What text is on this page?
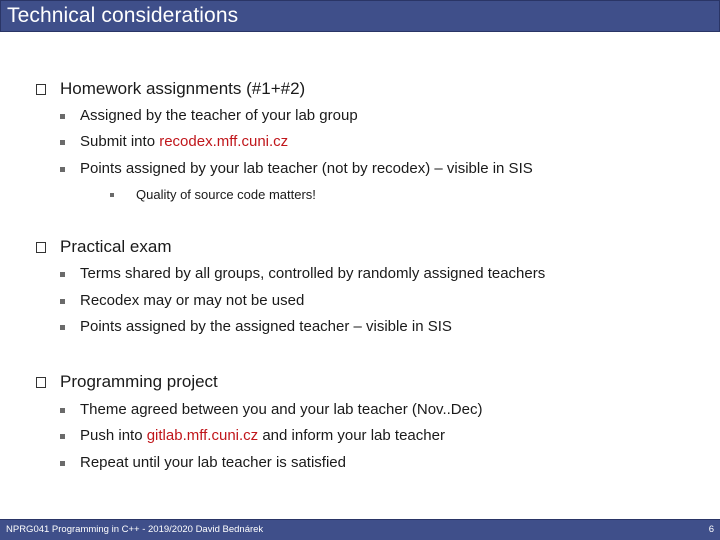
Technical considerations
Homework assignments (#1+#2)
Assigned by the teacher of your lab group
Submit into recodex.mff.cuni.cz
Points assigned by your lab teacher (not by recodex) – visible in SIS
Quality of source code matters!
Practical exam
Terms shared by all groups, controlled by randomly assigned teachers
Recodex may or may not be used
Points assigned by the assigned teacher – visible in SIS
Programming project
Theme agreed between you and your lab teacher (Nov..Dec)
Push into gitlab.mff.cuni.cz and inform your lab teacher
Repeat until your lab teacher is satisfied
NPRG041 Programming in C++ - 2019/2020 David Bednárek	6
